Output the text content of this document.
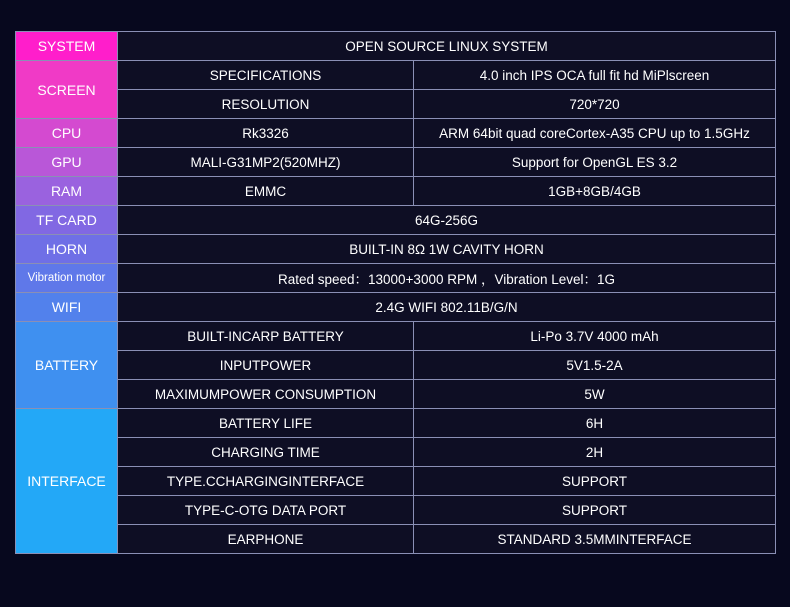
SYSTEM	OPEN SOURCE LINUX SYSTEM	
SCREEN	SPECIFICATIONS	4.0 inch IPS OCA full fit hd MiPlscreen
	RESOLUTION	720*720
CPU	Rk3326	ARM 64bit quad coreCortex-A35 CPU up to 1.5GHz
GPU	MALI-G31MP2(520MHZ)	Support for OpenGL ES 3.2
RAM	EMMC	1GB+8GB/4GB
TF CARD	64G-256G	
HORN	BUILT-IN 8Ω 1W CAVITY HORN	
Vibration motor	Rated speed：13000+3000 RPM ，Vibration Level：1G	
WIFI	2.4G WIFI 802.11B/G/N	
BATTERY	BUILT-INCARP BATTERY	Li-Po 3.7V 4000 mAh
	INPUTPOWER	5V1.5-2A
	MAXIMUMPOWER CONSUMPTION	5W
INTERFACE	BATTERY LIFE	6H
	CHARGING TIME	2H
	TYPE.CCHARGINGINTERFACE	SUPPORT
	TYPE-C-OTG DATA PORT	SUPPORT
	EARPHONE	STANDARD 3.5MMINTERFACE
